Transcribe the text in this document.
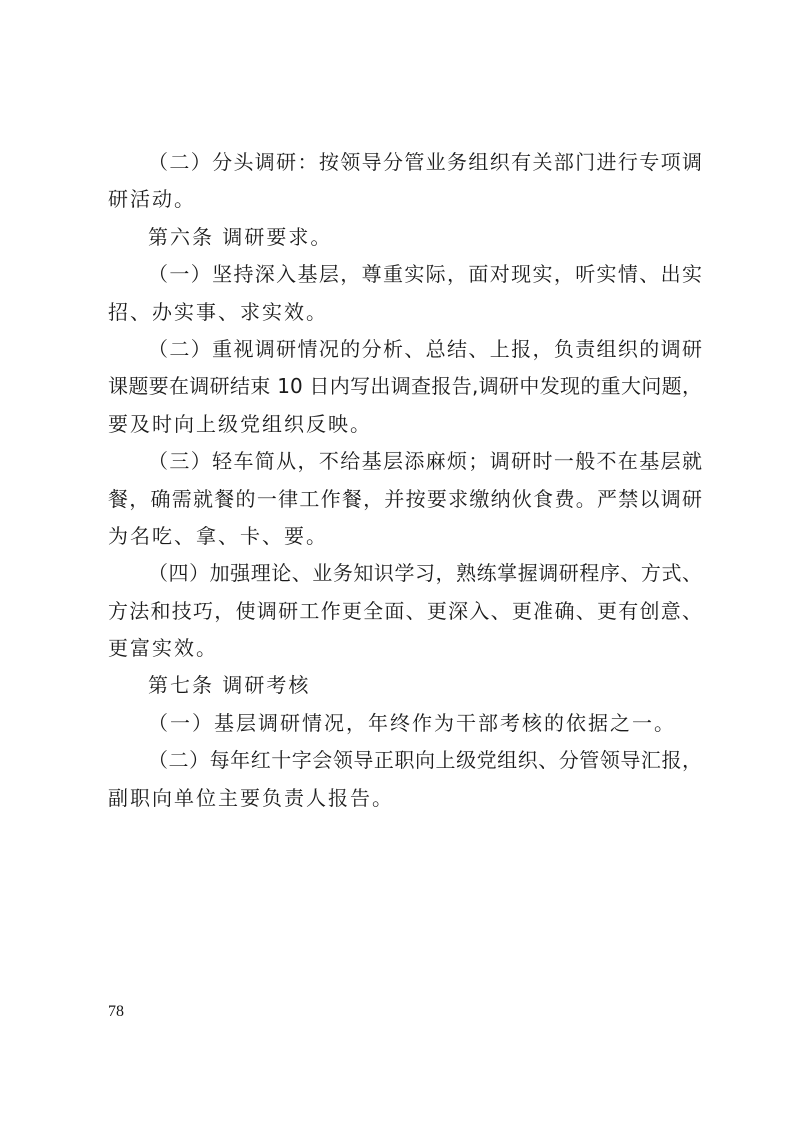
（二）分头调研：按领导分管业务组织有关部门进行专项调
研活动。
第六条 调研要求。
（一）坚持深入基层，尊重实际，面对现实，听实情、出实
招、办实事、求实效。
（二）重视调研情况的分析、总结、上报，负责组织的调研
课题要在调研结束 10 日内写出调查报告,调研中发现的重大问题，
要及时向上级党组织反映。
（三）轻车简从，不给基层添麻烦；调研时一般不在基层就
餐，确需就餐的一律工作餐，并按要求缴纳伙食费。严禁以调研
为名吃、拿、卡、要。
（四）加强理论、业务知识学习，熟练掌握调研程序、方式、
方法和技巧，使调研工作更全面、更深入、更准确、更有创意、
更富实效。
第七条 调研考核
（一）基层调研情况，年终作为干部考核的依据之一。
（二）每年红十字会领导正职向上级党组织、分管领导汇报，
副职向单位主要负责人报告。
78
